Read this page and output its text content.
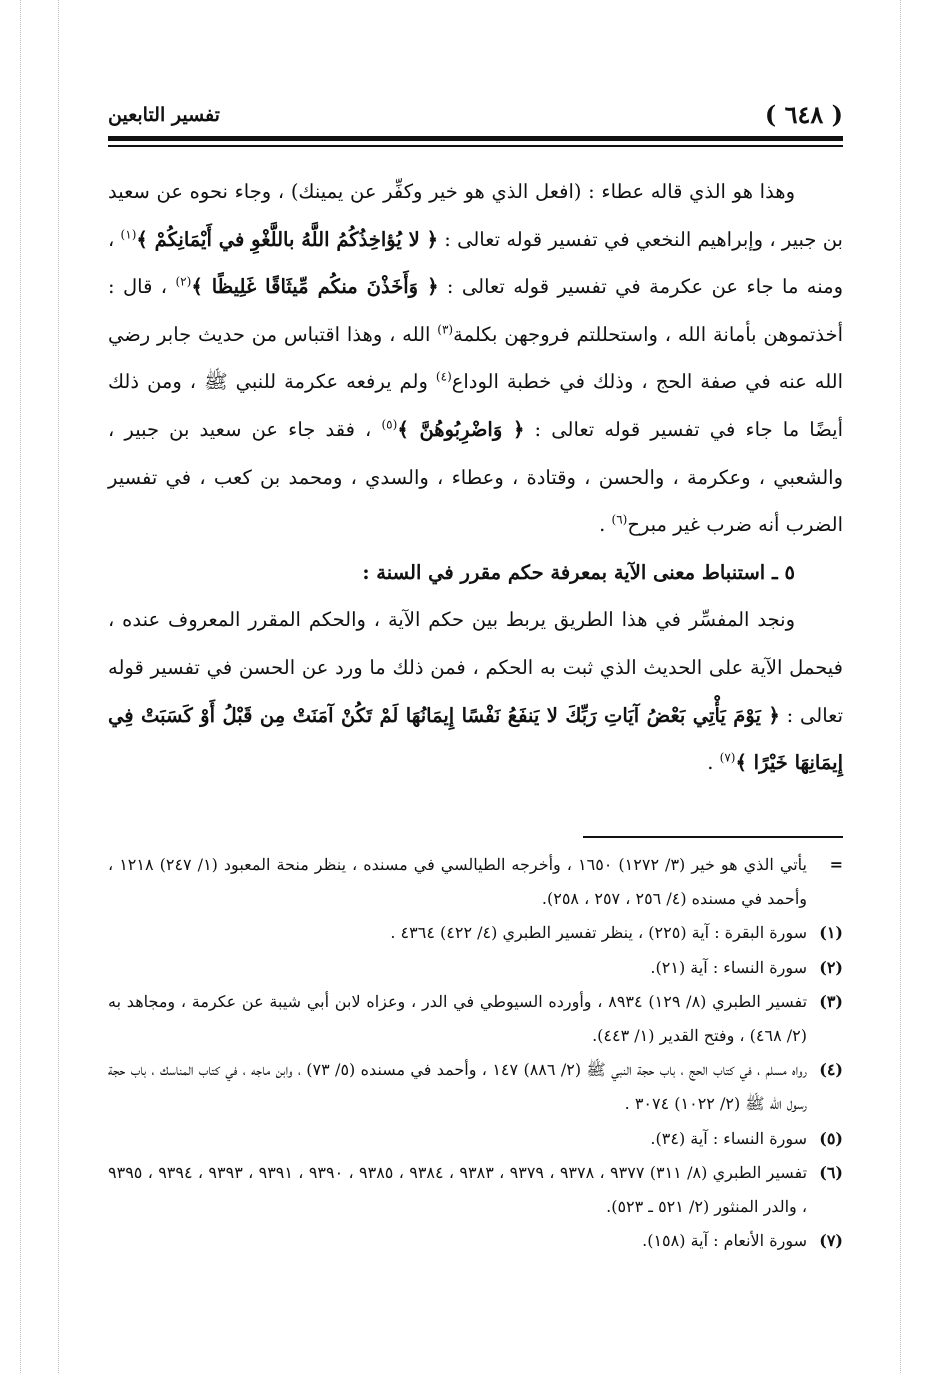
( ٦٤٨ )
تفسير التابعين

وهذا هو الذي قاله عطاء : (افعل الذي هو خير وكفِّر عن يمينك) ، وجاء نحوه عن سعيد بن جبير ، وإبراهيم النخعي في تفسير قوله تعالى : ﴿ لا يُؤاخِذُكُمُ اللَّهُ باللَّغْوِ في أَيْمَانِكُمْ ﴾$^{(١)}$ ، ومنه ما جاء عن عكرمة في تفسير قوله تعالى : ﴿ وَأَخَذْنَ منكُم مِّيثَاقًا غَلِيظًا ﴾$^{(٢)}$ ، قال : أخذتموهن بأمانة الله ، واستحللتم فروجهن بكلمة$^{(٣)}$ الله ، وهذا اقتباس من حديث جابر رضي الله عنه في صفة الحج ، وذلك في خطبة الوداع$^{(٤)}$ ولم يرفعه عكرمة للنبي ﷺ ، ومن ذلك أيضًا ما جاء في تفسير قوله تعالى : ﴿ وَاضْرِبُوهُنَّ ﴾$^{(٥)}$ ، فقد جاء عن سعيد بن جبير ، والشعبي ، وعكرمة ، والحسن ، وقتادة ، وعطاء ، والسدي ، ومحمد بن كعب ، في تفسير الضرب أنه ضرب غير مبرح$^{(٦)}$ .

٥ ـ استنباط معنى الآية بمعرفة حكم مقرر في السنة :

ونجد المفسِّر في هذا الطريق يربط بين حكم الآية ، والحكم المقرر المعروف عنده ، فيحمل الآية على الحديث الذي ثبت به الحكم ، فمن ذلك ما ورد عن الحسن في تفسير قوله تعالى : ﴿ يَوْمَ يَأْتِي بَعْضُ آيَاتِ رَبِّكَ لا يَنفَعُ نَفْسًا إِيمَانُهَا لَمْ تَكُنْ آمَنَتْ مِن قَبْلُ أَوْ كَسَبَتْ فِي إِيمَانِهَا خَيْرًا ﴾$^{(٧)}$ .

=
يأتي الذي هو خير (٣/ ١٢٧٢) ١٦٥٠ ، وأخرجه الطيالسي في مسنده ، ينظر منحة المعبود (١/ ٢٤٧) ١٢١٨ ، وأحمد في مسنده (٤/ ٢٥٦ ، ٢٥٧ ، ٢٥٨).
(١)
سورة البقرة : آية (٢٢٥) ، ينظر تفسير الطبري (٤/ ٤٢٢) ٤٣٦٤ .
(٢)
سورة النساء : آية (٢١).
(٣)
تفسير الطبري (٨/ ١٢٩) ٨٩٣٤ ، وأورده السيوطي في الدر ، وعزاه لابن أبي شيبة عن عكرمة ، ومجاهد به (٢/ ٤٦٨) ، وفتح القدير (١/ ٤٤٣).
(٤)
رواه مسلم ، في كتاب الحج ، باب حجة النبي ﷺ (٢/ ٨٨٦) ١٤٧ ، وأحمد في مسنده (٥/ ٧٣) ، وابن ماجه ، في كتاب المناسك ، باب حجة رسول الله ﷺ (٢/ ١٠٢٢) ٣٠٧٤ .
(٥)
سورة النساء : آية (٣٤).
(٦)
تفسير الطبري (٨/ ٣١١) ٩٣٧٧ ، ٩٣٧٨ ، ٩٣٧٩ ، ٩٣٨٣ ، ٩٣٨٤ ، ٩٣٨٥ ، ٩٣٩٠ ، ٩٣٩١ ، ٩٣٩٣ ، ٩٣٩٤ ، ٩٣٩٥ ، والدر المنثور (٢/ ٥٢١ ـ ٥٢٣).
(٧)
سورة الأنعام : آية (١٥٨).
